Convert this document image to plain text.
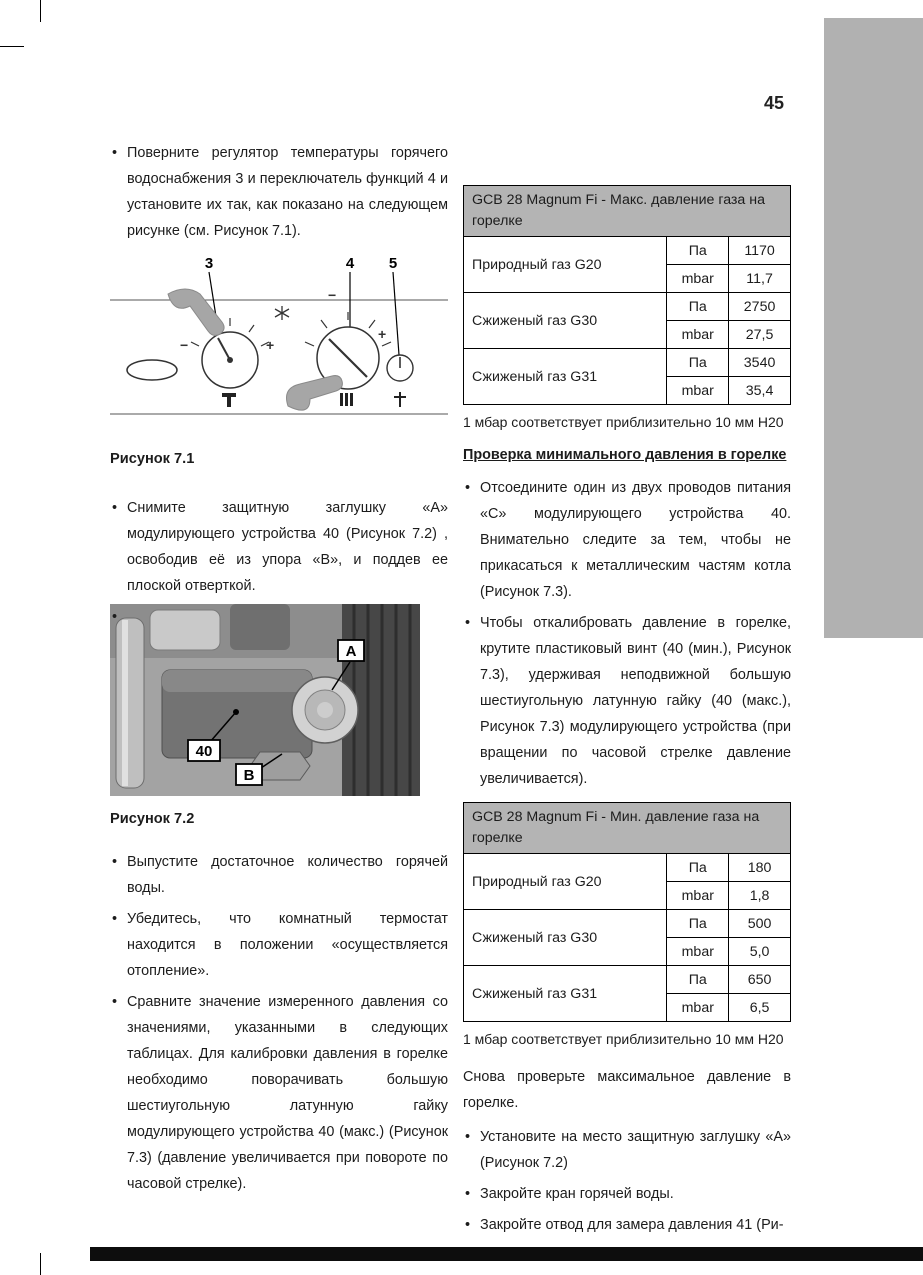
45
• Поверните регулятор температуры горячего водоснабжения 3 и переключатель функций 4 и установите их так, как показано на следующем рисунке (см. Рисунок 7.1).
3	4 5
−	+
−
+
Рисунок 7.1
• Снимите защитную заглушку «А» модулирующего устройства 40 (Рисунок 7.2) , освободив её из упора «В», и поддев ее плоской отверткой.
A
40
B
Рисунок 7.2
• Выпустите достаточное количество горячей воды.
• Убедитесь, что комнатный термостат находится в положении «осуществляется отопление».
• Сравните значение измеренного давления со значениями, указанными в следующих таблицах. Для калибровки давления в горелке необходимо поворачивать большую шестиугольную латунную гайку модулирующего устройства 40 (макс.) (Рисунок 7.3) (давление увеличивается при повороте по часовой стрелке).
GCB 28 Magnum Fi - Макс. давление газа на горелке		
Природный газ G20	Па	1170
	mbar	11,7
Сжиженый газ G30	Па	2750
	mbar	27,5
Сжиженый газ G31	Па	3540
	mbar	35,4
1 мбар соответствует приблизительно 10 мм H20
Проверка минимального давления в горелке
• Отсоедините один из двух проводов питания «С» модулирующего устройства 40. Внимательно следите за тем, чтобы не прикасаться к металлическим частям котла (Рисунок 7.3).
• Чтобы откалибровать давление в горелке, крутите пластиковый винт (40 (мин.), Рисунок 7.3), удерживая неподвижной большую шестиугольную латунную гайку (40 (макс.), Рисунок 7.3) модулирующего устройства (при вращении по часовой стрелке давление увеличивается).
GCB 28 Magnum Fi - Мин. давление газа на горелке		
Природный газ G20	Па	180
	mbar	1,8
Сжиженый газ G30	Па	500
	mbar	5,0
Сжиженый газ G31	Па	650
	mbar	6,5
1 мбар соответствует приблизительно 10 мм H20
Снова проверьте максимальное давление в горелке.
• Установите на место защитную заглушку «А» (Рисунок 7.2)
• Закройте кран горячей воды.
• Закройте отвод для замера давления 41 (Ри-
